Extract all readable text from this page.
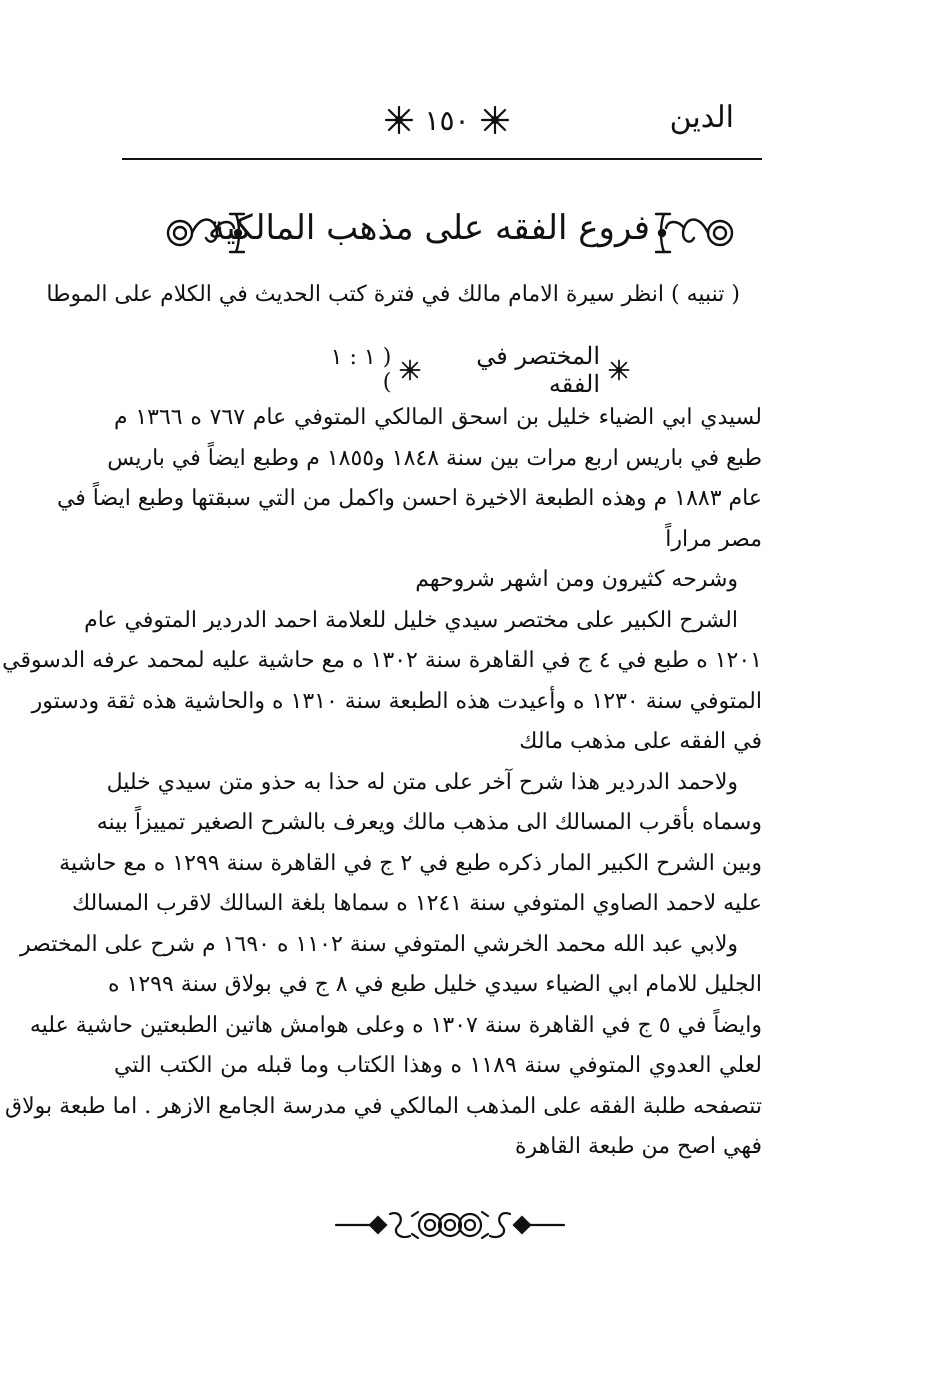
الدين
١٥٠
فروع الفقه على مذهب المالكية
( تنبيه ) انظر سيرة الامام مالك في فترة كتب الحديث في الكلام على الموطا
( ١ : ١ )
المختصر في الفقه
لسيدي ابي الضياء خليل بن اسحق المالكي المتوفي عام ٧٦٧ ه ١٣٦٦ م
طبع في باريس اربع مرات بين سنة ١٨٤٨ و١٨٥٥ م وطبع ايضاً في باريس
عام ١٨٨٣ م وهذه الطبعة الاخيرة احسن واكمل من التي سبقتها وطبع ايضاً في
مصر مراراً
وشرحه كثيرون ومن اشهر شروحهم
الشرح الكبير على مختصر سيدي خليل للعلامة احمد الدردير المتوفي عام
١٢٠١ ه طبع في ٤ ج في القاهرة سنة ١٣٠٢ ه مع حاشية عليه لمحمد عرفه الدسوقي
المتوفي سنة ١٢٣٠ ه وأعيدت هذه الطبعة سنة ١٣١٠ ه والحاشية هذه ثقة ودستور
في الفقه على مذهب مالك
ولاحمد الدردير هذا شرح آخر على متن له حذا به حذو متن سيدي خليل
وسماه بأقرب المسالك الى مذهب مالك ويعرف بالشرح الصغير تمييزاً بينه
وبين الشرح الكبير المار ذكره طبع في ٢ ج في القاهرة سنة ١٢٩٩ ه مع حاشية
عليه لاحمد الصاوي المتوفي سنة ١٢٤١ ه سماها بلغة السالك لاقرب المسالك
ولابي عبد الله محمد الخرشي المتوفي سنة ١١٠٢ ه ١٦٩٠ م شرح على المختصر
الجليل للامام ابي الضياء سيدي خليل طبع في ٨ ج في بولاق سنة ١٢٩٩ ه
وايضاً في ٥ ج في القاهرة سنة ١٣٠٧ ه وعلى هوامش هاتين الطبعتين حاشية عليه
لعلي العدوي المتوفي سنة ١١٨٩ ه وهذا الكتاب وما قبله من الكتب التي
تتصفحه طلبة الفقه على المذهب المالكي في مدرسة الجامع الازهر . اما طبعة بولاق
فهي اصح من طبعة القاهرة
